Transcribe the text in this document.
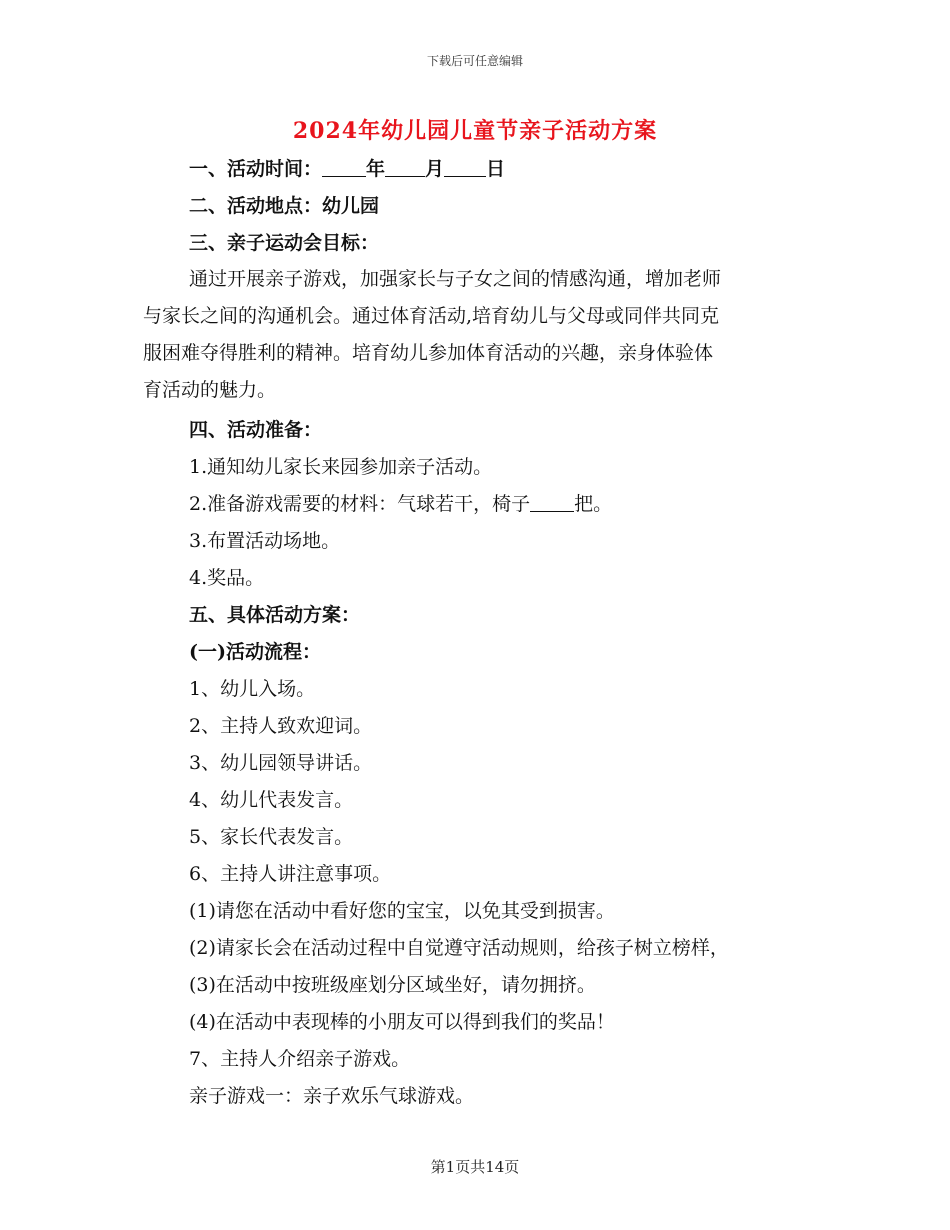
下载后可任意编辑
2024年幼儿园儿童节亲子活动方案
一、活动时间： 年 月 日
二、活动地点：幼儿园
三、亲子运动会目标：
通过开展亲子游戏，加强家长与子女之间的情感沟通，增加老师
与家长之间的沟通机会。通过体育活动,培育幼儿与父母或同伴共同克
服困难夺得胜利的精神。培育幼儿参加体育活动的兴趣，亲身体验体
育活动的魅力。
四、活动准备：
1.通知幼儿家长来园参加亲子活动。
2.准备游戏需要的材料：气球若干，椅子 把。
3.布置活动场地。
4.奖品。
五、具体活动方案：
(一)活动流程：
1、幼儿入场。
2、主持人致欢迎词。
3、幼儿园领导讲话。
4、幼儿代表发言。
5、家长代表发言。
6、主持人讲注意事项。
(1)请您在活动中看好您的宝宝，以免其受到损害。
(2)请家长会在活动过程中自觉遵守活动规则，给孩子树立榜样，
(3)在活动中按班级座划分区域坐好，请勿拥挤。
(4)在活动中表现棒的小朋友可以得到我们的奖品！
7、主持人介绍亲子游戏。
亲子游戏一：亲子欢乐气球游戏。
第1页共14页
